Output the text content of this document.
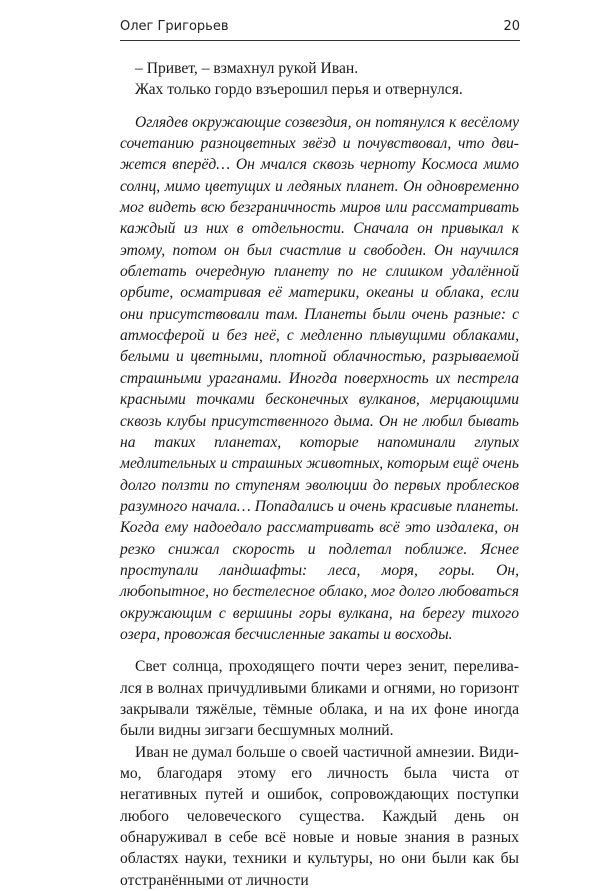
Олег Григорьев	20

– Привет, – взмахнул рукой Иван.

Жах только гордо взъерошил перья и отвернулся.

Оглядев окружающие созвездия, он потянулся к весёлому сочетанию разноцветных звёзд и почувствовал, что движется вперёд… Он мчался сквозь черноту Космоса мимо солнц, мимо цветущих и ледяных планет. Он одновременно мог видеть всю безграничность миров или рассматривать каждый из них в отдельности. Сначала он привыкал к этому, потом он был счастлив и свободен. Он научился облетать очередную планету по не слишком удалённой орбите, осматривая её материки, океаны и облака, если они присутствовали там. Планеты были очень разные: с атмосферой и без неё, с медленно плывущими облаками, белыми и цветными, плотной облачностью, разрываемой страшными ураганами. Иногда поверхность их пестрела красными точками бесконечных вулканов, мерцающими сквозь клубы присутственного дыма. Он не любил бывать на таких планетах, которые напоминали глупых медлительных и страшных животных, которым ещё очень долго ползти по ступеням эволюции до первых проблесков разумного начала… Попадались и очень красивые планеты. Когда ему надоедало рассматривать всё это издалека, он резко снижал скорость и подлетал поближе. Яснее проступали ландшафты: леса, моря, горы. Он, любопытное, но бестелесное облако, мог долго любоваться окружающим с вершины горы вулкана, на берегу тихого озера, провожая бесчисленные закаты и восходы.

Свет солнца, проходящего почти через зенит, переливался в волнах причудливыми бликами и огнями, но горизонт закрывали тяжёлые, тёмные облака, и на их фоне иногда были видны зигзаги бесшумных молний.

Иван не думал больше о своей частичной амнезии. Видимо, благодаря этому его личность была чиста от негативных путей и ошибок, сопровождающих поступки любого человеческого существа. Каждый день он обнаруживал в себе всё новые и новые знания в разных областях науки, техники и культуры, но они были как бы отстранёнными от личности
